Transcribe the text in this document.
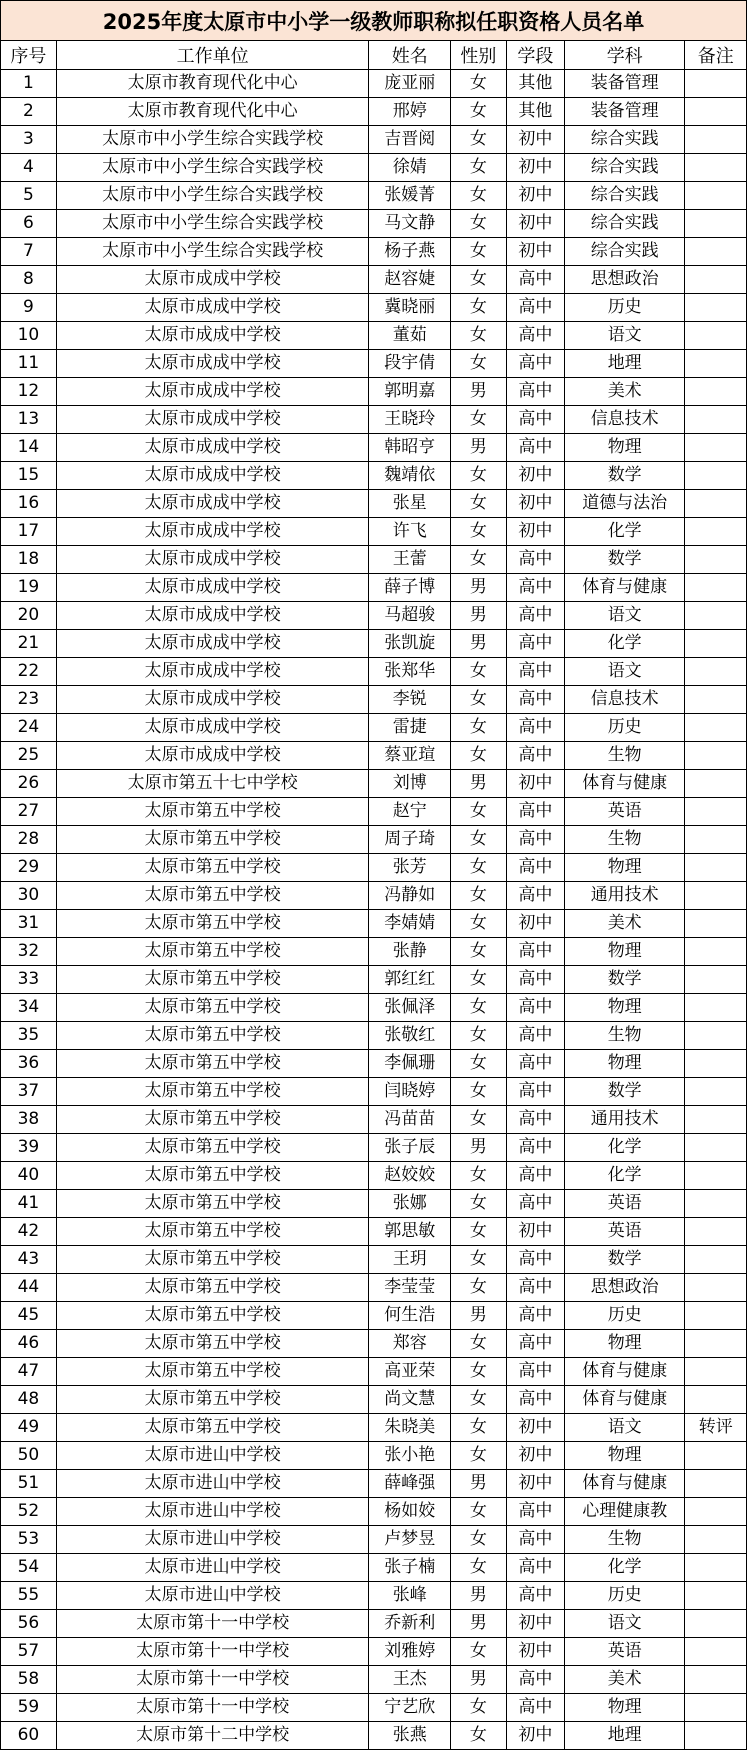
2025年度太原市中小学一级教师职称拟任职资格人员名单						
序号	工作单位	姓名	性别	学段	学科	备注
1	太原市教育现代化中心	庞亚丽	女	其他	装备管理	
2	太原市教育现代化中心	邢婷	女	其他	装备管理	
3	太原市中小学生综合实践学校	吉晋阅	女	初中	综合实践	
4	太原市中小学生综合实践学校	徐婧	女	初中	综合实践	
5	太原市中小学生综合实践学校	张媛菁	女	初中	综合实践	
6	太原市中小学生综合实践学校	马文静	女	初中	综合实践	
7	太原市中小学生综合实践学校	杨子燕	女	初中	综合实践	
8	太原市成成中学校	赵容婕	女	高中	思想政治	
9	太原市成成中学校	冀晓丽	女	高中	历史	
10	太原市成成中学校	董茹	女	高中	语文	
11	太原市成成中学校	段宇倩	女	高中	地理	
12	太原市成成中学校	郭明嘉	男	高中	美术	
13	太原市成成中学校	王晓玲	女	高中	信息技术	
14	太原市成成中学校	韩昭亨	男	高中	物理	
15	太原市成成中学校	魏靖依	女	初中	数学	
16	太原市成成中学校	张星	女	初中	道德与法治	
17	太原市成成中学校	许飞	女	初中	化学	
18	太原市成成中学校	王蕾	女	高中	数学	
19	太原市成成中学校	薛子博	男	高中	体育与健康	
20	太原市成成中学校	马超骏	男	高中	语文	
21	太原市成成中学校	张凯旋	男	高中	化学	
22	太原市成成中学校	张郑华	女	高中	语文	
23	太原市成成中学校	李锐	女	高中	信息技术	
24	太原市成成中学校	雷捷	女	高中	历史	
25	太原市成成中学校	蔡亚瑄	女	高中	生物	
26	太原市第五十七中学校	刘博	男	初中	体育与健康	
27	太原市第五中学校	赵宁	女	高中	英语	
28	太原市第五中学校	周子琦	女	高中	生物	
29	太原市第五中学校	张芳	女	高中	物理	
30	太原市第五中学校	冯静如	女	高中	通用技术	
31	太原市第五中学校	李婧婧	女	初中	美术	
32	太原市第五中学校	张静	女	高中	物理	
33	太原市第五中学校	郭红红	女	高中	数学	
34	太原市第五中学校	张佩泽	女	高中	物理	
35	太原市第五中学校	张敬红	女	高中	生物	
36	太原市第五中学校	李佩珊	女	高中	物理	
37	太原市第五中学校	闫晓婷	女	高中	数学	
38	太原市第五中学校	冯苗苗	女	高中	通用技术	
39	太原市第五中学校	张子辰	男	高中	化学	
40	太原市第五中学校	赵姣姣	女	高中	化学	
41	太原市第五中学校	张娜	女	高中	英语	
42	太原市第五中学校	郭思敏	女	初中	英语	
43	太原市第五中学校	王玥	女	高中	数学	
44	太原市第五中学校	李莹莹	女	高中	思想政治	
45	太原市第五中学校	何生浩	男	高中	历史	
46	太原市第五中学校	郑容	女	高中	物理	
47	太原市第五中学校	高亚荣	女	高中	体育与健康	
48	太原市第五中学校	尚文慧	女	高中	体育与健康	
49	太原市第五中学校	朱晓美	女	初中	语文	转评
50	太原市进山中学校	张小艳	女	初中	物理	
51	太原市进山中学校	薛峰强	男	初中	体育与健康	
52	太原市进山中学校	杨如姣	女	高中	心理健康教	
53	太原市进山中学校	卢梦昱	女	高中	生物	
54	太原市进山中学校	张子楠	女	高中	化学	
55	太原市进山中学校	张峰	男	高中	历史	
56	太原市第十一中学校	乔新利	男	初中	语文	
57	太原市第十一中学校	刘雅婷	女	初中	英语	
58	太原市第十一中学校	王杰	男	高中	美术	
59	太原市第十一中学校	宁艺欣	女	高中	物理	
60	太原市第十二中学校	张燕	女	初中	地理	
